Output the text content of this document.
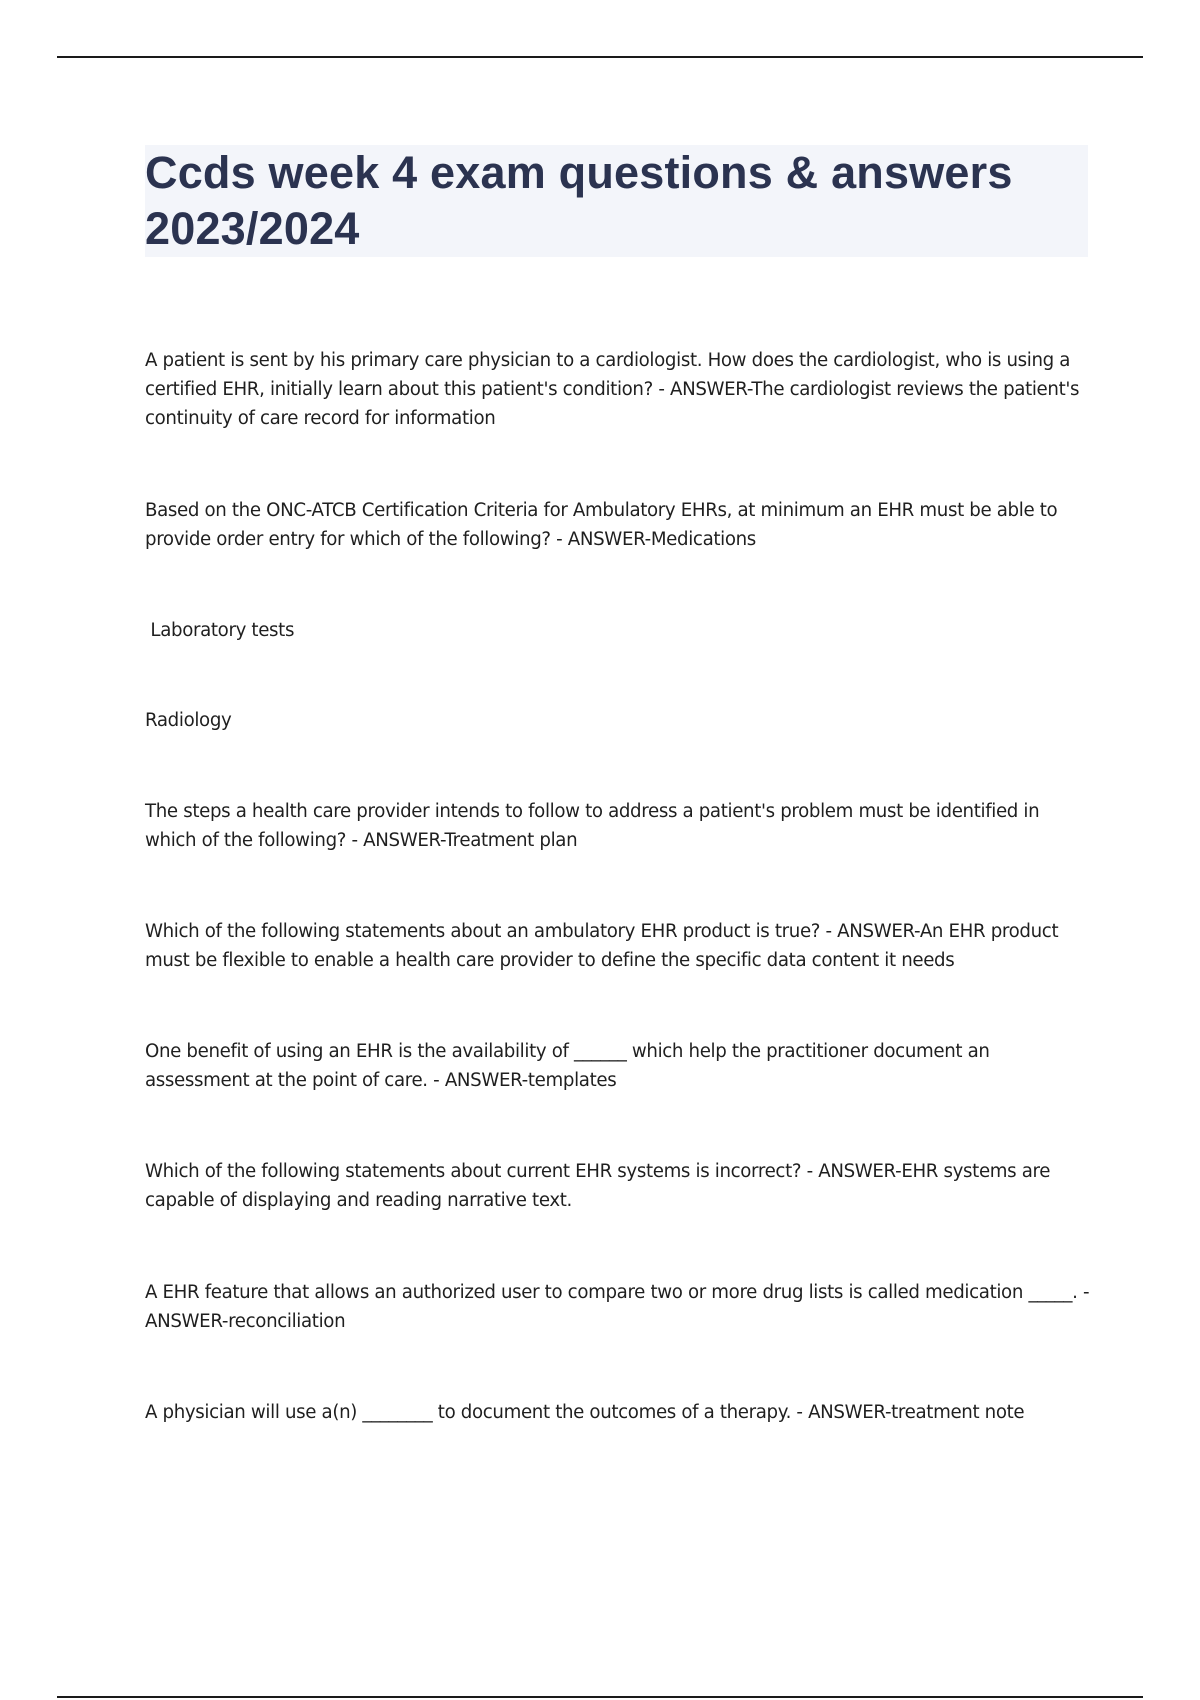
Ccds week 4 exam questions & answers 2023/2024

A patient is sent by his primary care physician to a cardiologist. How does the cardiologist, who is using a certified EHR, initially learn about this patient's condition? - ANSWER-The cardiologist reviews the patient's continuity of care record for information

Based on the ONC-ATCB Certification Criteria for Ambulatory EHRs, at minimum an EHR must be able to provide order entry for which of the following? - ANSWER-Medications

Laboratory tests

Radiology

The steps a health care provider intends to follow to address a patient's problem must be identified in which of the following? - ANSWER-Treatment plan

Which of the following statements about an ambulatory EHR product is true? - ANSWER-An EHR product must be flexible to enable a health care provider to define the specific data content it needs

One benefit of using an EHR is the availability of ______ which help the practitioner document an assessment at the point of care. - ANSWER-templates

Which of the following statements about current EHR systems is incorrect? - ANSWER-EHR systems are capable of displaying and reading narrative text.

A EHR feature that allows an authorized user to compare two or more drug lists is called medication _____. - ANSWER-reconciliation

A physician will use a(n) ________ to document the outcomes of a therapy. - ANSWER-treatment note
